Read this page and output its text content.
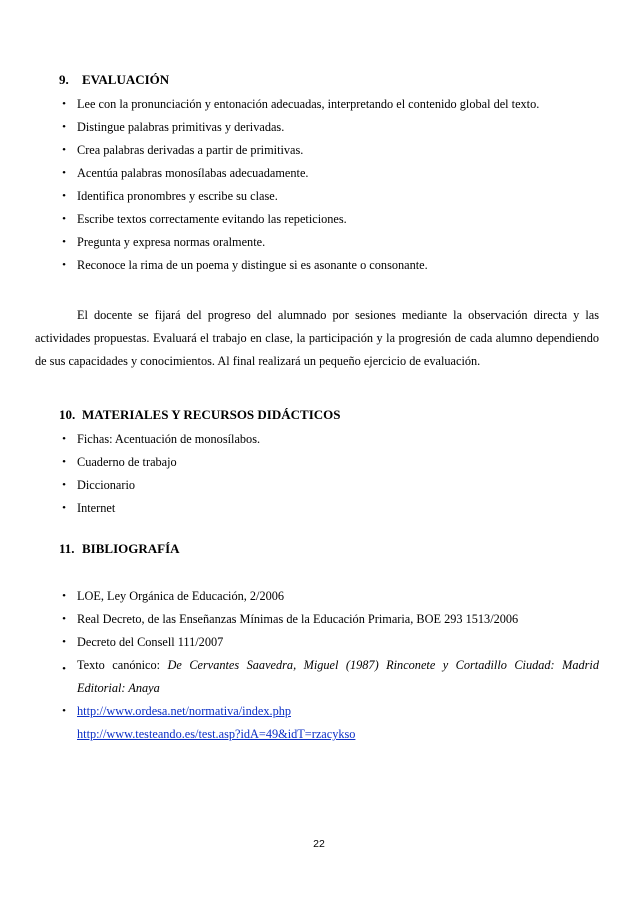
9. EVALUACIÓN
• Lee con la pronunciación y entonación adecuadas, interpretando el contenido global del texto.
• Distingue palabras primitivas y derivadas.
• Crea palabras derivadas a partir de primitivas.
• Acentúa palabras monosílabas adecuadamente.
• Identifica pronombres y escribe su clase.
• Escribe textos correctamente evitando las repeticiones.
• Pregunta y expresa normas oralmente.
• Reconoce la rima de un poema y distingue si es asonante o consonante.

El docente se fijará del progreso del alumnado por sesiones mediante la observación directa y las actividades propuestas. Evaluará el trabajo en clase, la participación y la progresión de cada alumno dependiendo de sus capacidades y conocimientos. Al final realizará un pequeño ejercicio de evaluación.

10. MATERIALES Y RECURSOS DIDÁCTICOS
• Fichas: Acentuación de monosílabos.
• Cuaderno de trabajo
• Diccionario
• Internet
11. BIBLIOGRAFÍA
• LOE, Ley Orgánica de Educación, 2/2006
• Real Decreto, de las Enseñanzas Mínimas de la Educación Primaria, BOE 293 1513/2006
• Decreto del Consell 111/2007
• Texto canónico: De Cervantes Saavedra, Miguel (1987) Rinconete y Cortadillo Ciudad: Madrid Editorial: Anaya
• http://www.ordesa.net/normativa/index.php
http://www.testeando.es/test.asp?idA=49&idT=rzacykso
22
